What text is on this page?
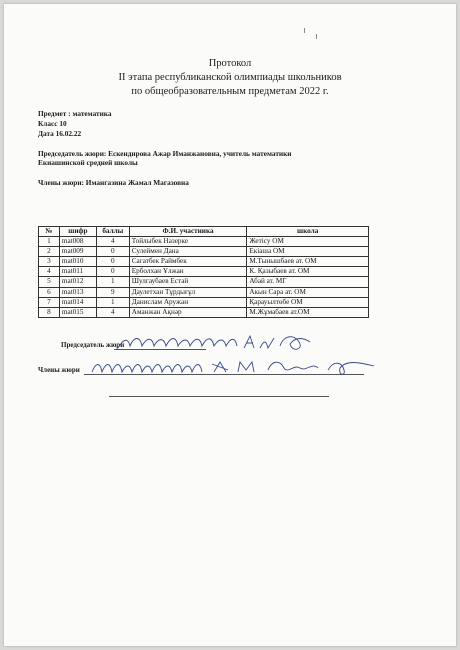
Протокол
II этапа республиканской олимпиады школьников
по общеобразовательным предметам 2022 г.
Предмет : математика
Класс 10
Дата 16.02.22
Председатель жюри: Ескендирова Ажар Иманжановна, учитель математики
Екиашинской средней школы
Члены жюри: Имангазина Жамал Магазовна
№	шифр	баллы	Ф.И. участника	школа
1	mat008	4	Тойлыбек Назерке	Жетісу ОМ
2	mat009	0	Сулеймен Дана	Екіаша ОМ
3	mat010	0	Сагатбек Раймбек	М.Тынышбаев ат. ОМ
4	mat011	0	Ерболхан Ұлжан	К. Қазыбаев ат. ОМ
5	mat012	1	Шулгаубаев Естай	Абай ат. МГ
6	mat013	9	Даулетхан Тұрдығұл	Акын Сара ат. ОМ
7	mat014	1	Данислам Аружан	Қарауылтөбе ОМ
8	mat015	4	Аманжан Ақнәр	М.Жұмабаев ат.ОМ
Председатель жюри
Члены жюри
